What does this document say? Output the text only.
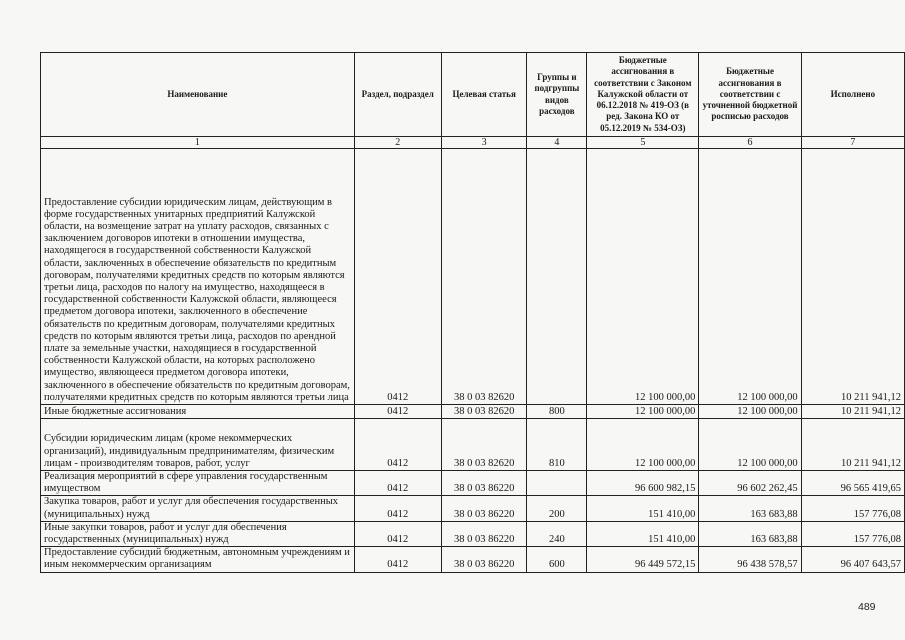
Наименование	Раздел, подраздел	Целевая статья	Группы и подгруппы видов расходов	Бюджетные ассигнования в соответствии с Законом Калужской области от 06.12.2018 № 419-ОЗ (в ред. Закона КО от 05.12.2019 № 534-ОЗ)	Бюджетные ассигнования в соответствии с уточненной бюджетной росписью расходов	Исполнено
1	2	3	4	5	6	7
Предоставление субсидии юридическим лицам, действующим в форме государственных унитарных предприятий Калужской области, на возмещение затрат на уплату расходов, связанных с заключением договоров ипотеки в отношении имущества, находящегося в государственной собственности Калужской области, заключенных в обеспечение обязательств по кредитным договорам, получателями кредитных средств по которым являются третьи лица, расходов по налогу на имущество, находящееся в государственной собственности Калужской области, являющееся предметом договора ипотеки, заключенного в обеспечение обязательств по кредитным договорам, получателями кредитных средств по которым являются третьи лица, расходов по арендной плате за земельные участки, находящиеся в государственной собственности Калужской области, на которых расположено имущество, являющееся предметом договора ипотеки, заключенного в обеспечение обязательств по кредитным договорам, получателями кредитных средств по которым являются третьи лица	0412	38 0 03 82620		12 100 000,00	12 100 000,00	10 211 941,12
Иные бюджетные ассигнования	0412	38 0 03 82620	800	12 100 000,00	12 100 000,00	10 211 941,12
Субсидии юридическим лицам (кроме некоммерческих организаций), индивидуальным предпринимателям, физическим лицам - производителям товаров, работ, услуг	0412	38 0 03 82620	810	12 100 000,00	12 100 000,00	10 211 941,12
Реализация мероприятий в сфере управления государственным имуществом	0412	38 0 03 86220		96 600 982,15	96 602 262,45	96 565 419,65
Закупка товаров, работ и услуг для обеспечения государственных (муниципальных) нужд	0412	38 0 03 86220	200	151 410,00	163 683,88	157 776,08
Иные закупки товаров, работ и услуг для обеспечения государственных (муниципальных) нужд	0412	38 0 03 86220	240	151 410,00	163 683,88	157 776,08
Предоставление субсидий бюджетным, автономным учреждениям и иным некоммерческим организациям	0412	38 0 03 86220	600	96 449 572,15	96 438 578,57	96 407 643,57
489
